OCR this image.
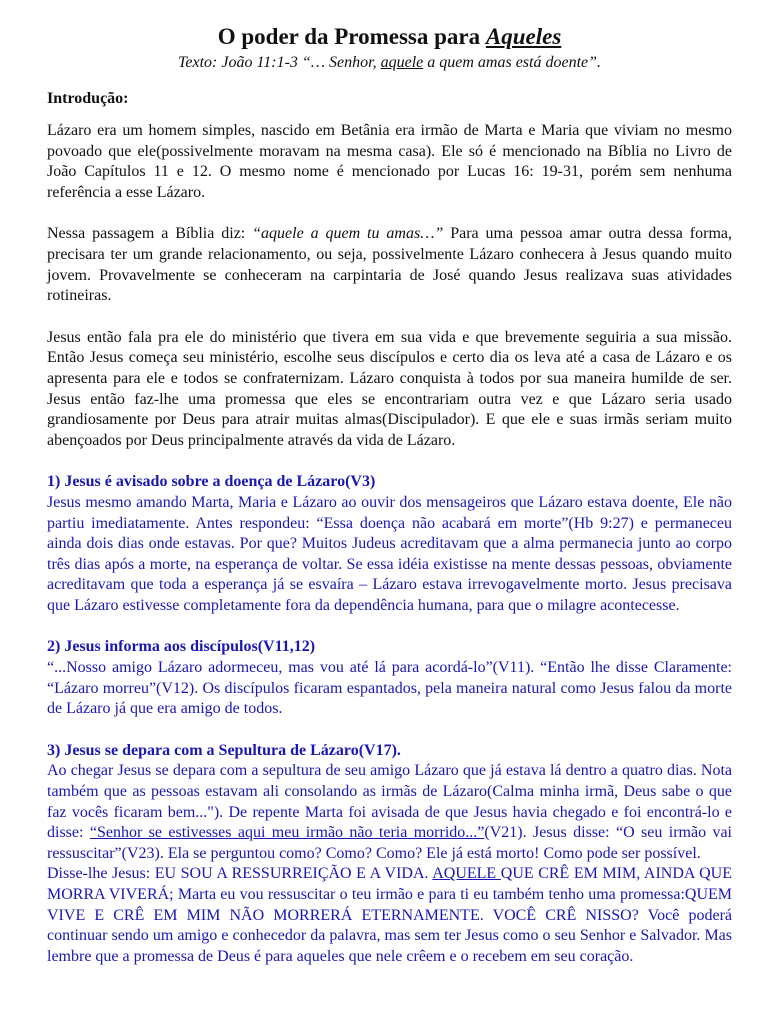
O poder da Promessa para Aqueles
Texto: João 11:1-3 “… Senhor, aquele a quem amas está doente”.
Introdução:

Lázaro era um homem simples, nascido em Betânia era irmão de Marta e Maria que viviam no mesmo povoado que ele(possivelmente moravam na mesma casa). Ele só é mencionado na Bíblia no Livro de João Capítulos 11 e 12. O mesmo nome é mencionado por Lucas 16: 19-31, porém sem nenhuma referência a esse Lázaro.

Nessa passagem a Bíblia diz: “aquele a quem tu amas…” Para uma pessoa amar outra dessa forma, precisara ter um grande relacionamento, ou seja, possivelmente Lázaro conhecera à Jesus quando muito jovem. Provavelmente se conheceram na carpintaria de José quando Jesus realizava suas atividades rotineiras.

Jesus então fala pra ele do ministério que tivera em sua vida e que brevemente seguiria a sua missão. Então Jesus começa seu ministério, escolhe seus discípulos e certo dia os leva até a casa de Lázaro e os apresenta para ele e todos se confraternizam. Lázaro conquista à todos por sua maneira humilde de ser. Jesus então faz-lhe uma promessa que eles se encontrariam outra vez e que Lázaro seria usado grandiosamente por Deus para atrair muitas almas(Discipulador). E que ele e suas irmãs seriam muito abençoados por Deus principalmente através da vida de Lázaro.

1) Jesus é avisado sobre a doença de Lázaro(V3)

Jesus mesmo amando Marta, Maria e Lázaro ao ouvir dos mensageiros que Lázaro estava doente, Ele não partiu imediatamente. Antes respondeu: “Essa doença não acabará em morte”(Hb 9:27) e permaneceu ainda dois dias onde estavas. Por que? Muitos Judeus acreditavam que a alma permanecia junto ao corpo três dias após a morte, na esperança de voltar. Se essa idéia existisse na mente dessas pessoas, obviamente acreditavam que toda a esperança já se esvaíra – Lázaro estava irrevogavelmente morto. Jesus precisava que Lázaro estivesse completamente fora da dependência humana, para que o milagre acontecesse.

2) Jesus informa aos discípulos(V11,12)

“...Nosso amigo Lázaro adormeceu, mas vou até lá para acordá-lo”(V11). “Então lhe disse Claramente: “Lázaro morreu”(V12). Os discípulos ficaram espantados, pela maneira natural como Jesus falou da morte de Lázaro já que era amigo de todos.

3) Jesus se depara com a Sepultura de Lázaro(V17).

Ao chegar Jesus se depara com a sepultura de seu amigo Lázaro que já estava lá dentro a quatro dias. Nota também que as pessoas estavam ali consolando as irmãs de Lázaro(Calma minha irmã, Deus sabe o que faz vocês ficaram bem..."). De repente Marta foi avisada de que Jesus havia chegado e foi encontrá-lo e disse: “Senhor se estivesses aqui meu irmão não teria morrido...”(V21). Jesus disse: “O seu irmão vai ressuscitar”(V23). Ela se perguntou como? Como? Como? Ele já está morto! Como pode ser possível.

Disse-lhe Jesus: EU SOU A RESSURREIÇÃO E A VIDA. AQUELE QUE CRÊ EM MIM, AINDA QUE MORRA VIVERÁ; Marta eu vou ressuscitar o teu irmão e para ti eu também tenho uma promessa:QUEM VIVE E CRÊ EM MIM NÃO MORRERÁ ETERNAMENTE. VOCÊ CRÊ NISSO? Você poderá continuar sendo um amigo e conhecedor da palavra, mas sem ter Jesus como o seu Senhor e Salvador. Mas lembre que a promessa de Deus é para aqueles que nele crêem e o recebem em seu coração.
